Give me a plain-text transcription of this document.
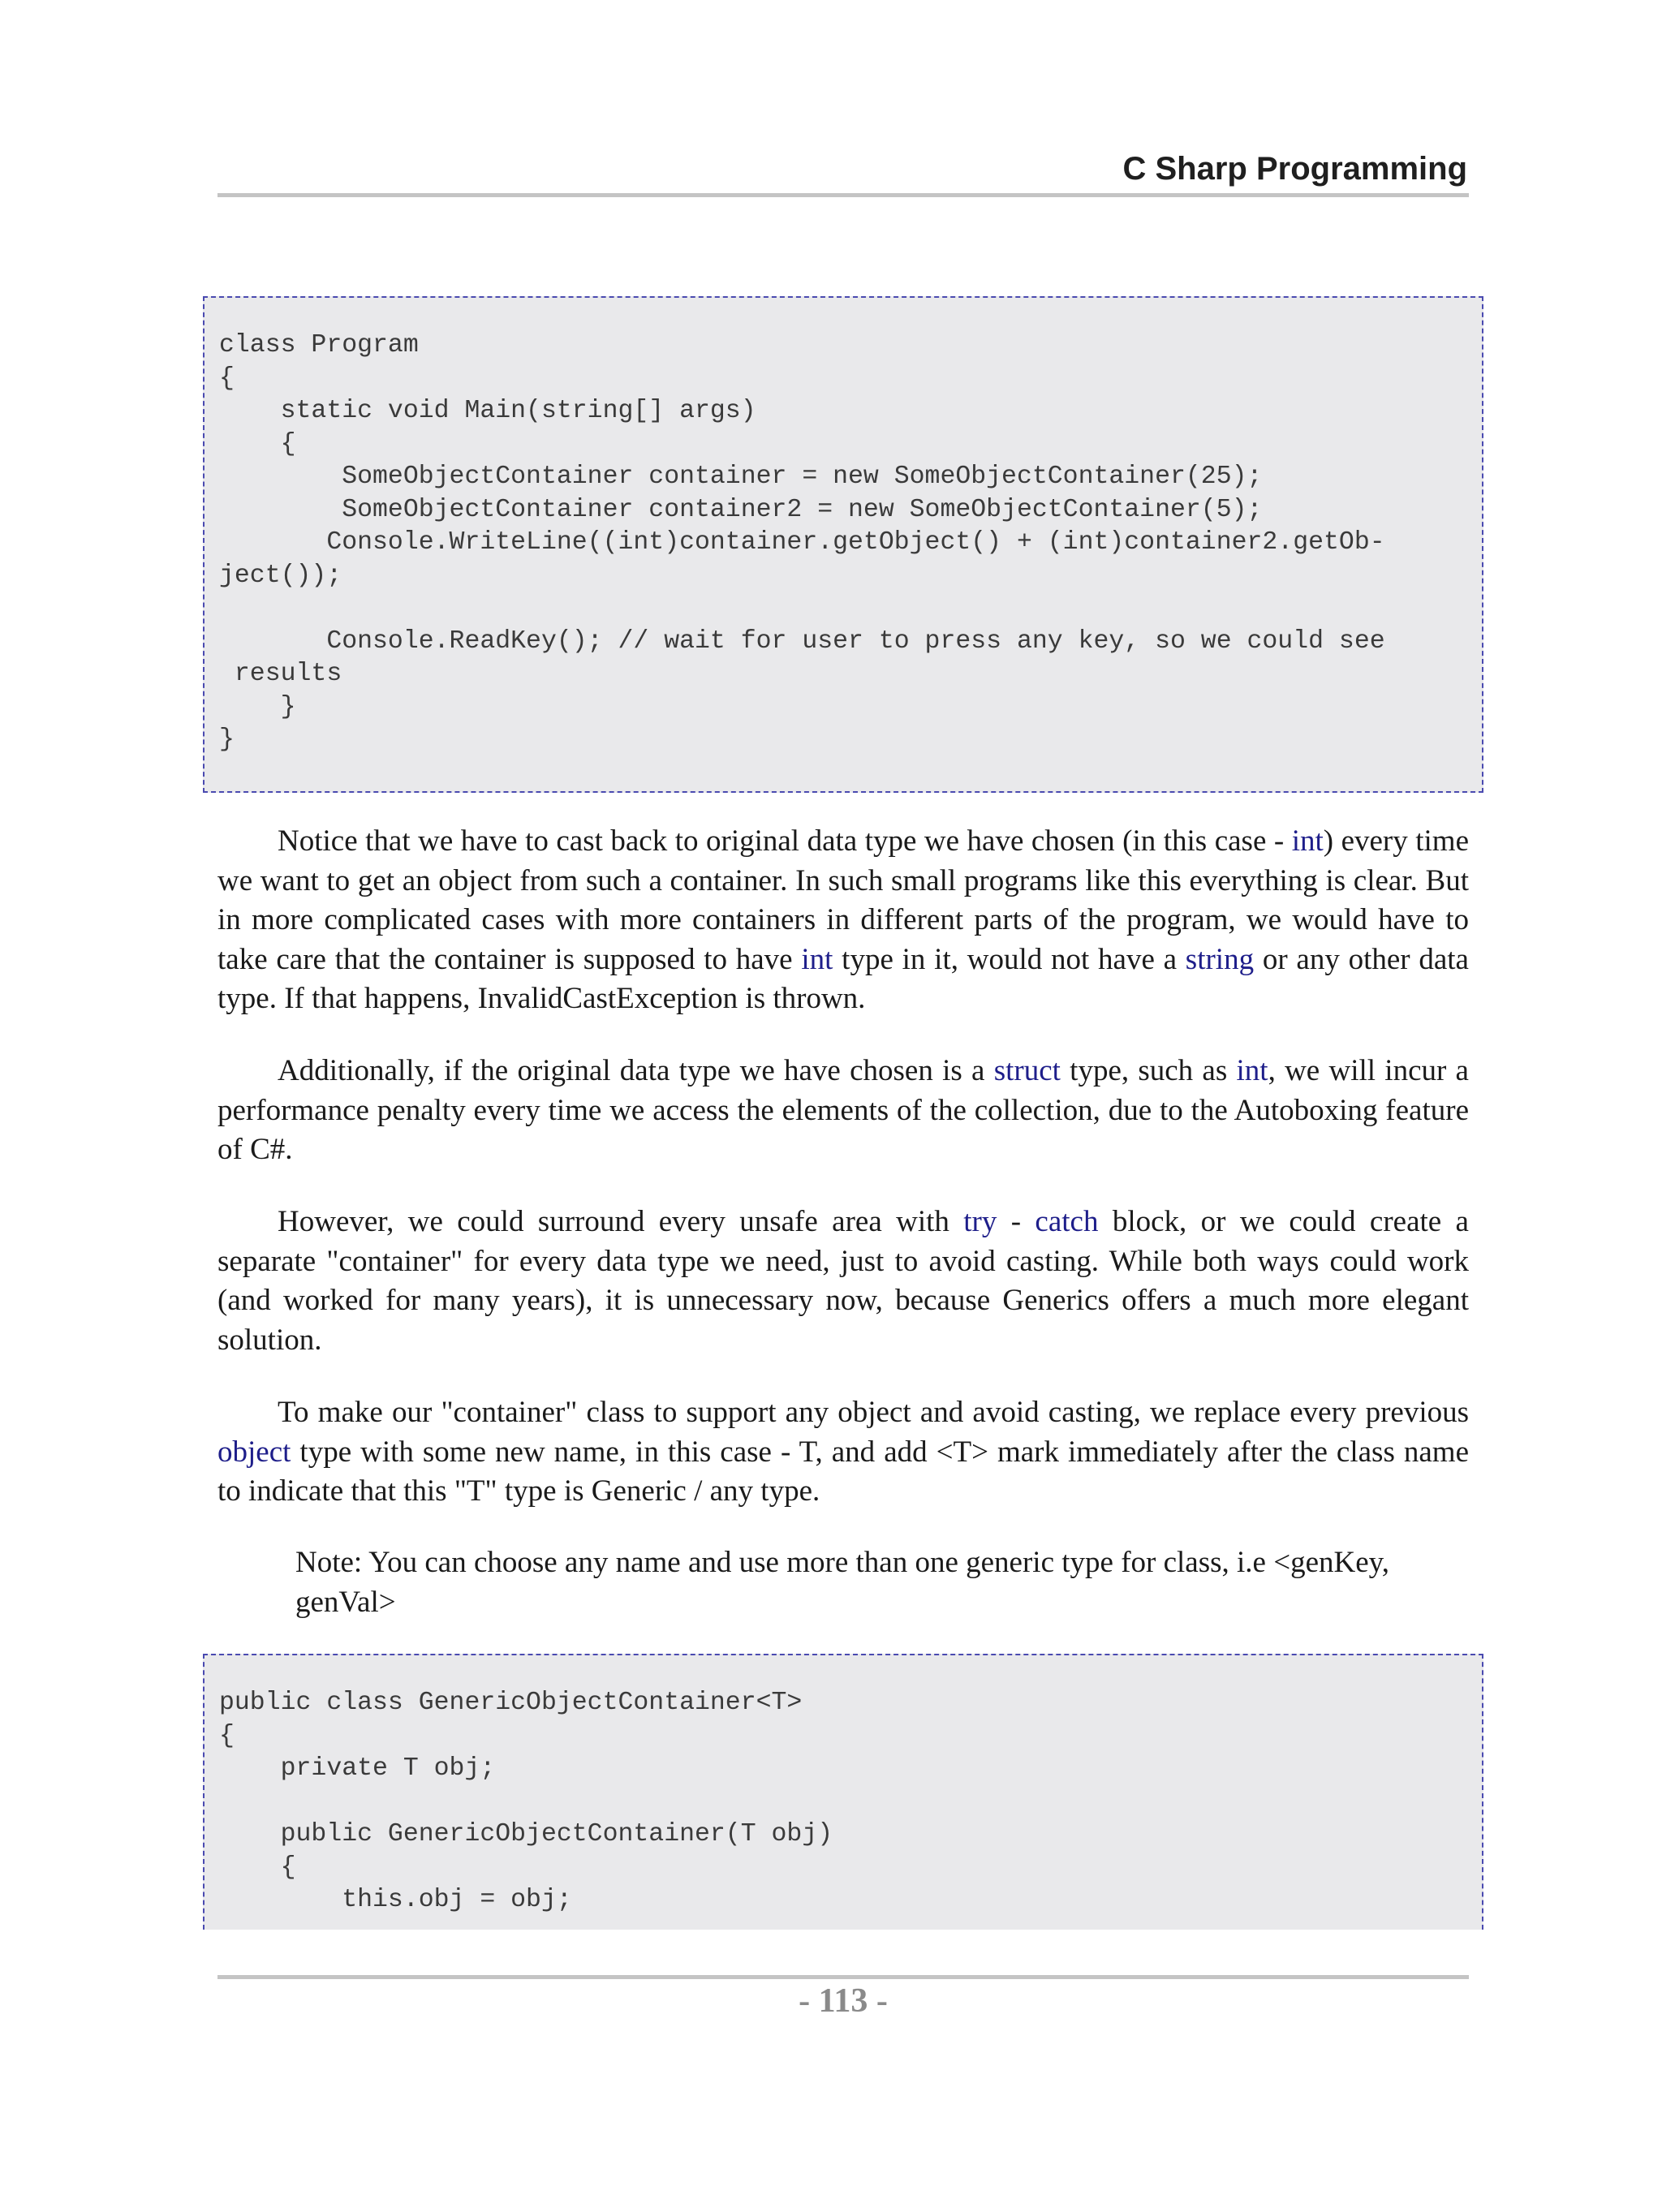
C Sharp Programming
class Program
{
static void Main(string[] args)
{
SomeObjectContainer container = new SomeObjectContainer(25);
SomeObjectContainer container2 = new SomeObjectContainer(5);
Console.WriteLine((int)container.getObject() + (int)container2.getOb-
ject());
Console.ReadKey(); // wait for user to press any key, so we could see
results
}
}

Notice that we have to cast back to original data type we have chosen (in this case - int) every time we want to get an object from such a container. In such small programs like this everything is clear. But in more complicated cases with more containers in different parts of the program, we would have to take care that the container is supposed to have int type in it, would not have a string or any other data type. If that happens, InvalidCastException is thrown.

Additionally, if the original data type we have chosen is a struct type, such as int, we will incur a performance penalty every time we access the elements of the collection, due to the Autoboxing feature of C#.

However, we could surround every unsafe area with try - catch block, or we could create a separate "container" for every data type we need, just to avoid casting. While both ways could work (and worked for many years), it is unnecessary now, because Generics offers a much more elegant solution.

To make our "container" class to support any object and avoid casting, we replace every previous object type with some new name, in this case - T, and add <T> mark immediately after the class name to indicate that this "T" type is Generic / any type.

Note: You can choose any name and use more than one generic type for class, i.e <genKey, genVal>

public class GenericObjectContainer<T>
{
private T obj;
public GenericObjectContainer(T obj)
{
this.obj = obj;

- 113 -
